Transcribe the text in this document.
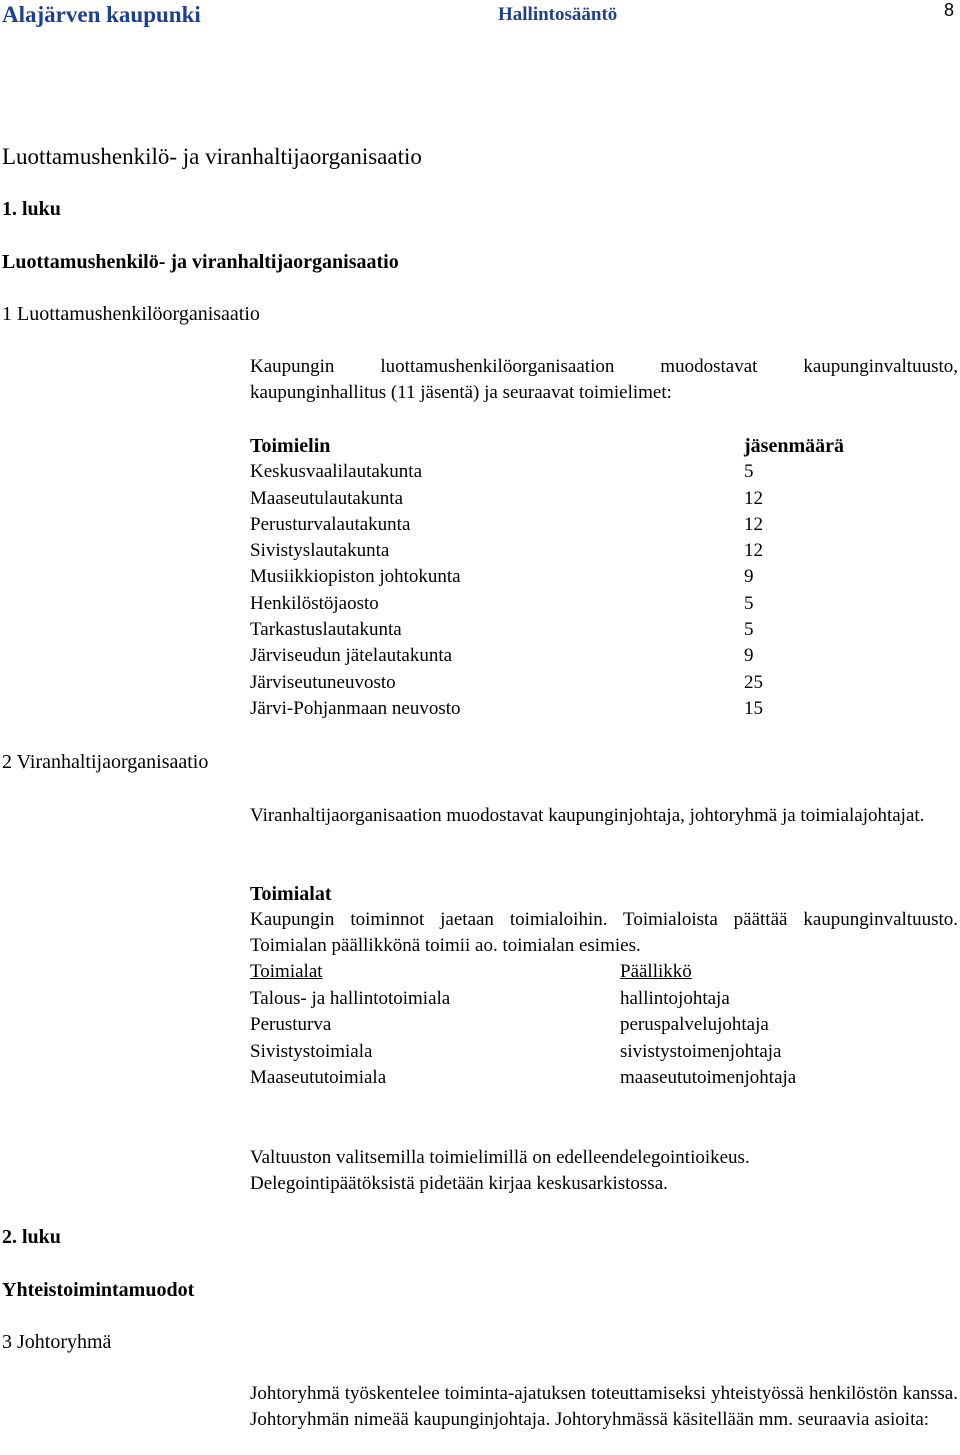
Alajärven kaupunki	Hallintosääntö	8
Luottamushenkilö- ja viranhaltijaorganisaatio
1. luku
Luottamushenkilö- ja viranhaltijaorganisaatio
1 Luottamushenkilöorganisaatio
Kaupungin luottamushenkilöorganisaation muodostavat kaupunginvaltuusto, kaupunginhallitus (11 jäsentä) ja seuraavat toimielimet:
Toimielin	jäsenmäärä
Keskusvaalilautakunta	5
Maaseutulautakunta	12
Perusturvalautakunta	12
Sivistyslautakunta	12
Musiikkiopiston johtokunta	9
Henkilöstöjaosto	5
Tarkastuslautakunta	5
Järviseudun jätelautakunta	9
Järviseutuneuvosto	25
Järvi-Pohjanmaan neuvosto	15
2 Viranhaltijaorganisaatio
Viranhaltijaorganisaation muodostavat kaupunginjohtaja, johtoryhmä ja toimialajohtajat.
Toimialat
Kaupungin toiminnot jaetaan toimialoihin. Toimialoista päättää kaupunginvaltuusto. Toimialan päällikkönä toimii ao. toimialan esimies.
Toimialat	Päällikkö
Talous- ja hallintotoimiala	hallintojohtaja
Perusturva	peruspalvelujohtaja
Sivistystoimiala	sivistystoimenjohtaja
Maaseututoimiala	maaseututoimenjohtaja
Valtuuston valitsemilla toimielimillä on edelleendelegointioikeus.
Delegointipäätöksistä pidetään kirjaa keskusarkistossa.
2. luku
Yhteistoimintamuodot
3 Johtoryhmä
Johtoryhmä työskentelee toiminta-ajatuksen toteuttamiseksi yhteistyössä henkilöstön kanssa. Johtoryhmän nimeää kaupunginjohtaja. Johtoryhmässä käsitellään mm. seuraavia asioita:
